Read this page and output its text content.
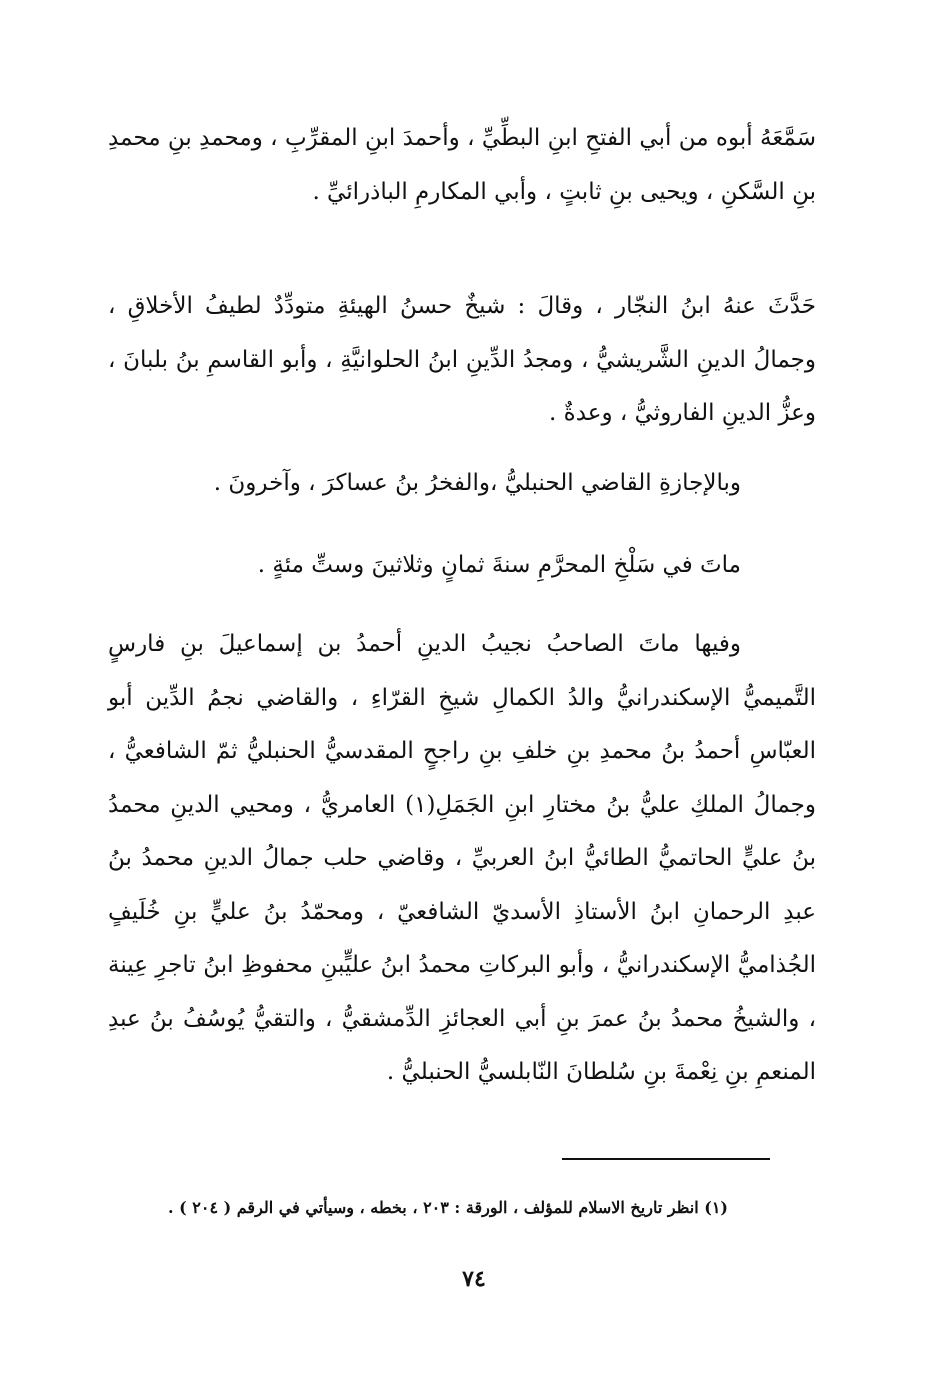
سَمَّعَهُ أبوه من أبي الفتحِ ابنِ البطِّيِّ ، وأحمدَ ابنِ المقرِّبِ ، ومحمدِ بنِ محمدِ بنِ السَّكنِ ، ويحيى بنِ ثابتٍ ، وأبي المكارمِ الباذرائيِّ .

حَدَّثَ عنهُ ابنُ النجّار ، وقالَ : شيخٌ حسنُ الهيئةِ متودِّدٌ لطيفُ الأخلاقِ ، وجمالُ الدينِ الشَّريشيُّ ، ومجدُ الدِّينِ ابنُ الحلوانيَّةِ ، وأبو القاسمِ بنُ بلبانَ ، وعزُّ الدينِ الفاروثيُّ ، وعدةٌ .

وبالإجازةِ القاضي الحنبليُّ ،والفخرُ بنُ عساكرَ ، وآخرونَ .

ماتَ في سَلْخِ المحرَّمِ سنةَ ثمانٍ وثلاثينَ وستِّ مئةٍ .

وفيها ماتَ الصاحبُ نجيبُ الدينِ أحمدُ بن إسماعيلَ بنِ فارسٍ التَّميميُّ الإسكندرانيُّ والدُ الكمالِ شيخِ القرّاءِ ، والقاضي نجمُ الدِّين أبو العبّاسِ أحمدُ بنُ محمدِ بنِ خلفِ بنِ راجحٍ المقدسيُّ الحنبليُّ ثمّ الشافعيُّ ، وجمالُ الملكِ عليُّ بنُ مختارِ ابنِ الجَمَلِ(١) العامريُّ ، ومحيي الدينِ محمدُ بنُ عليٍّ الحاتميُّ الطائيُّ ابنُ العربيِّ ، وقاضي حلب جمالُ الدينِ محمدُ بنُ عبدِ الرحمانِ ابنُ الأستاذِ الأسديّ الشافعيّ ، ومحمّدُ بنُ عليٍّ بنِ خُلَيفٍ الجُذاميُّ الإسكندرانيُّ ، وأبو البركاتِ محمدُ ابنُ عليٍّبنِ محفوظِ ابنُ تاجرِ عِينة ، والشيخُ محمدُ بنُ عمرَ بنِ أبي العجائزِ الدِّمشقيُّ ، والتقيُّ يُوسُفُ بنُ عبدِ المنعمِ بنِ نِعْمةَ بنِ سُلطانَ النّابلسيُّ الحنبليُّ .

(١) انظر تاريخ الاسلام للمؤلف ، الورقة : ٢٠٣ ، بخطه ، وسيأتي في الرقم ( ٢٠٤ ) .
٧٤
